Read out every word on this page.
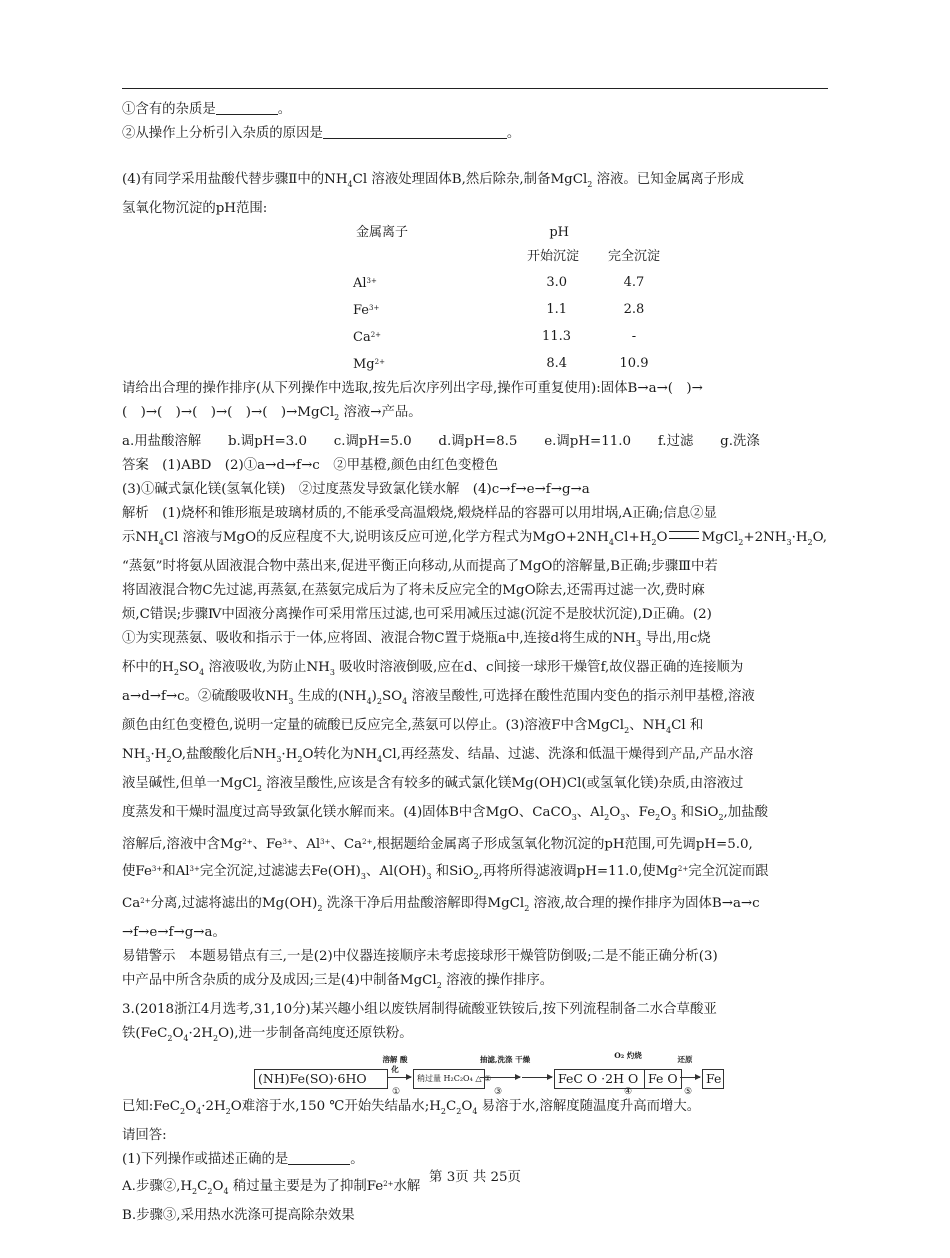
①含有的杂质是	。

②从操作上分析引入杂质的原因是	。

(4)有同学采用盐酸代替步骤Ⅱ中的$NH_4Cl$ 溶液处理固体B,然后除杂,制备MgCl$_2$ 溶液。已知金属离子形成

氢氧化物沉淀的pH范围:

金属离子	pH	
	开始沉淀	完全沉淀
$Al^{3+}$	3.0	4.7
$Fe^{3+}$	1.1	2.8
$Ca^{2+}$	11.3	-
$Mg^{2+}$	8.4	10.9

请给出合理的操作排序(从下列操作中选取,按先后次序列出字母,操作可重复使用):固体B→a→(　)→

(　)→(　)→(　)→(　)→(　)→MgCl$_2$ 溶液→产品。

a.用盐酸溶解　　b.调pH=3.0　　c.调pH=5.0　　d.调pH=8.5　　e.调pH=11.0　　f.过滤　　g.洗涤

答案　(1)ABD　(2)①a→d→f→c　②甲基橙,颜色由红色变橙色

(3)①碱式氯化镁(氢氧化镁)　②过度蒸发导致氯化镁水解　(4)c→f→e→f→g→a

解析　(1)烧杯和锥形瓶是玻璃材质的,不能承受高温煅烧,煅烧样品的容器可以用坩埚,A正确;信息②显

示$NH_4Cl$ 溶液与MgO的反应程度不大,说明该反应可逆,化学方程式为$MgO+2NH_4Cl+H_2O$	$MgCl_2+2NH_3\cdot H_2O$,

“蒸氨”时将氨从固液混合物中蒸出来,促进平衡正向移动,从而提高了MgO的溶解量,B正确;步骤Ⅲ中若

将固液混合物C先过滤,再蒸氨,在蒸氨完成后为了将未反应完全的MgO除去,还需再过滤一次,费时麻

烦,C错误;步骤Ⅳ中固液分离操作可采用常压过滤,也可采用减压过滤(沉淀不是胶状沉淀),D正确。(2)

①为实现蒸氨、吸收和指示于一体,应将固、液混合物C置于烧瓶a中,连接d将生成的$NH_3$ 导出,用c烧

杯中的$H_2SO_4$ 溶液吸收,为防止$NH_3$ 吸收时溶液倒吸,应在d、c间接一球形干燥管f,故仪器正确的连接顺为

a→d→f→c。②硫酸吸收$NH_3$ 生成的$(NH_4)_2SO_4$ 溶液呈酸性,可选择在酸性范围内变色的指示剂甲基橙,溶液

颜色由红色变橙色,说明一定量的硫酸已反应完全,蒸氨可以停止。(3)溶液F中含MgCl$_2$、$NH_4Cl$ 和

$NH_3\cdot H_2O$,盐酸酸化后$NH_3\cdot H_2O$转化为$NH_4Cl$,再经蒸发、结晶、过滤、洗涤和低温干燥得到产品,产品水溶

液呈碱性,但单一MgCl$_2$ 溶液呈酸性,应该是含有较多的碱式氯化镁Mg(OH)Cl(或氢氧化镁)杂质,由溶液过

度蒸发和干燥时温度过高导致氯化镁水解而来。(4)固体B中含MgO、CaCO$_3$、$Al_2O_3$、$Fe_2O_3$ 和SiO$_2$,加盐酸

溶解后,溶液中含$Mg^{2+}$、$Fe^{3+}$、$Al^{3+}$、$Ca^{2+}$,根据题给金属离子形成氢氧化物沉淀的pH范围,可先调pH=5.0,

使$Fe^{3+}$和$Al^{3+}$完全沉淀,过滤滤去$Fe(OH)_3$、$Al(OH)_3$ 和SiO$_2$,再将所得滤液调pH=11.0,使$Mg^{2+}$完全沉淀而跟

$Ca^{2+}$分离,过滤将滤出的$Mg(OH)_2$ 洗涤干净后用盐酸溶解即得MgCl$_2$ 溶液,故合理的操作排序为固体B→a→c

→f→e→f→g→a。

易错警示　本题易错点有三,一是(2)中仪器连接顺序未考虑接球形干燥管防倒吸;二是不能正确分析(3)

中产品中所含杂质的成分及成因;三是(4)中制备MgCl$_2$ 溶液的操作排序。

3.(2018浙江4月选考,31,10分)某兴趣小组以废铁屑制得硫酸亚铁铵后,按下列流程制备二水合草酸亚

铁$(FeC_2O_4\cdot 2H_2O)$,进一步制备高纯度还原铁粉。

(NH)Fe(SO)·6HO
溶解 酸化
①
稍过量 H₂C₂O₄ △ ②
抽滤,洗涤 干燥
③
FeC O ·2H O
O₂ 灼烧
Fe O
④
还原
⑤
Fe

已知$:FeC_2O_4\cdot 2H_2O$难溶于水,150 ℃开始失结晶水$;H_2C_2O_4$ 易溶于水,溶解度随温度升高而增大。

请回答:

(1)下列操作或描述正确的是	。

A.步骤$②,H_2C_2O_4$ 稍过量主要是为了抑制$Fe^{2+}$水解

B.步骤③,采用热水洗涤可提高除杂效果

第 3页 共 25页
